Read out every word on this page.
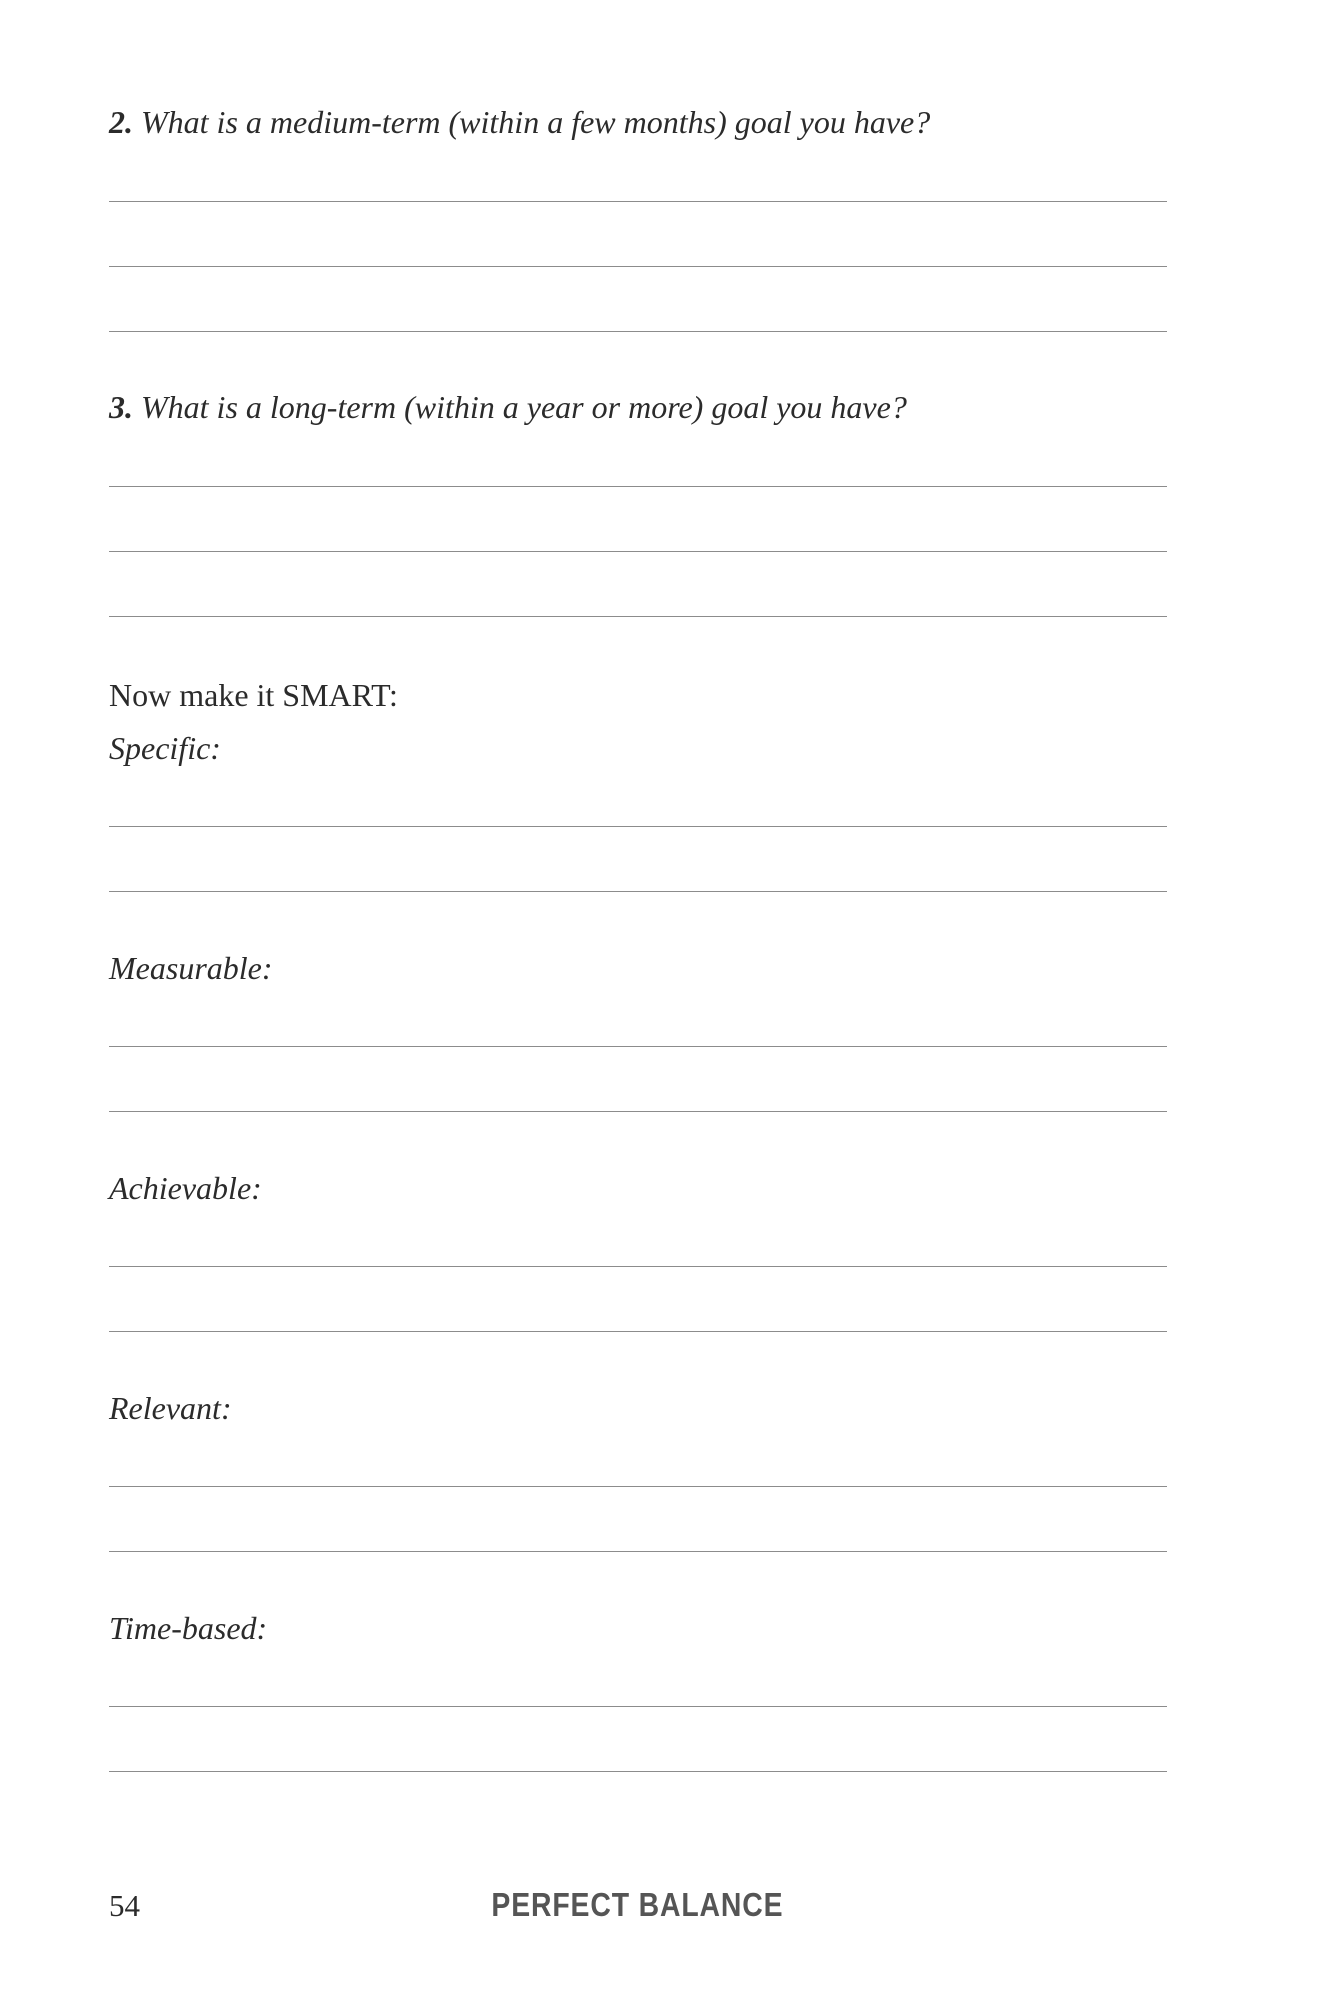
2. What is a medium-term (within a few months) goal you have?
3. What is a long-term (within a year or more) goal you have?
Now make it SMART:
Specific:
Measurable:
Achievable:
Relevant:
Time-based:
54	PERFECT BALANCE
